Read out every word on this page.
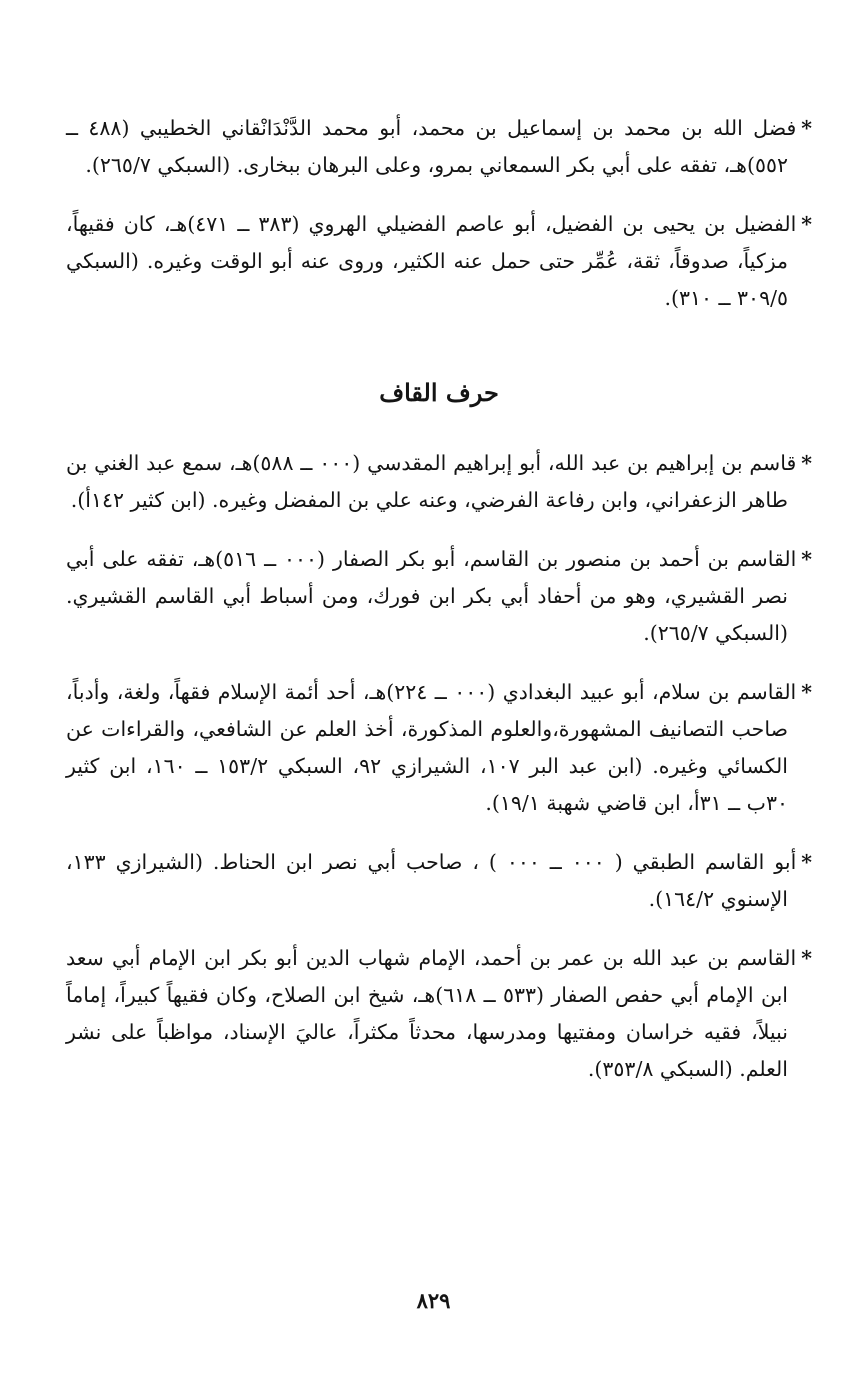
*فضل الله بن محمد بن إسماعيل بن محمد، أبو محمد الدَّنْدَانْقاني الخطيبي (٤٨٨ ــ ٥٥٢)هـ، تفقه على أبي بكر السمعاني بمرو، وعلى البرهان ببخارى. (السبكي ٢٦٥/٧).

*الفضيل بن يحيى بن الفضيل، أبو عاصم الفضيلي الهروي (٣٨٣ ــ ٤٧١)هـ، كان فقيهاً، مزكياً، صدوقاً، ثقة، عُمِّر حتى حمل عنه الكثير، وروى عنه أبو الوقت وغيره. (السبكي ٣٠٩/٥ ــ ٣١٠).

حرف القاف

*قاسم بن إبراهيم بن عبد الله، أبو إبراهيم المقدسي (٠٠٠ ــ ٥٨٨)هـ، سمع عبد الغني بن طاهر الزعفراني، وابن رفاعة الفرضي، وعنه علي بن المفضل وغيره. (ابن كثير ١٤٢أ).

*القاسم بن أحمد بن منصور بن القاسم، أبو بكر الصفار (٠٠٠ ــ ٥١٦)هـ، تفقه على أبي نصر القشيري، وهو من أحفاد أبي بكر ابن فورك، ومن أسباط أبي القاسم القشيري. (السبكي ٢٦٥/٧).

*القاسم بن سلام، أبو عبيد البغدادي (٠٠٠ ــ ٢٢٤)هـ، أحد أئمة الإسلام فقهاً، ولغة، وأدباً، صاحب التصانيف المشهورة،والعلوم المذكورة، أخذ العلم عن الشافعي، والقراءات عن الكسائي وغيره. (ابن عبد البر ١٠٧، الشيرازي ٩٢، السبكي ١٥٣/٢ ــ ١٦٠، ابن كثير ٣٠ب ــ ٣١أ، ابن قاضي شهبة ١٩/١).

*أبو القاسم الطبقي ( ٠٠٠ ــ ٠٠٠ ) ، صاحب أبي نصر ابن الحناط. (الشيرازي ١٣٣، الإسنوي ١٦٤/٢).

*القاسم بن عبد الله بن عمر بن أحمد، الإمام شهاب الدين أبو بكر ابن الإمام أبي سعد ابن الإمام أبي حفص الصفار (٥٣٣ ــ ٦١٨)هـ، شيخ ابن الصلاح، وكان فقيهاً كبيراً، إماماً نبيلاً، فقيه خراسان ومفتيها ومدرسها، محدثاً مكثراً، عاليَ الإسناد، مواظباً على نشر العلم. (السبكي ٣٥٣/٨).

٨٢٩
